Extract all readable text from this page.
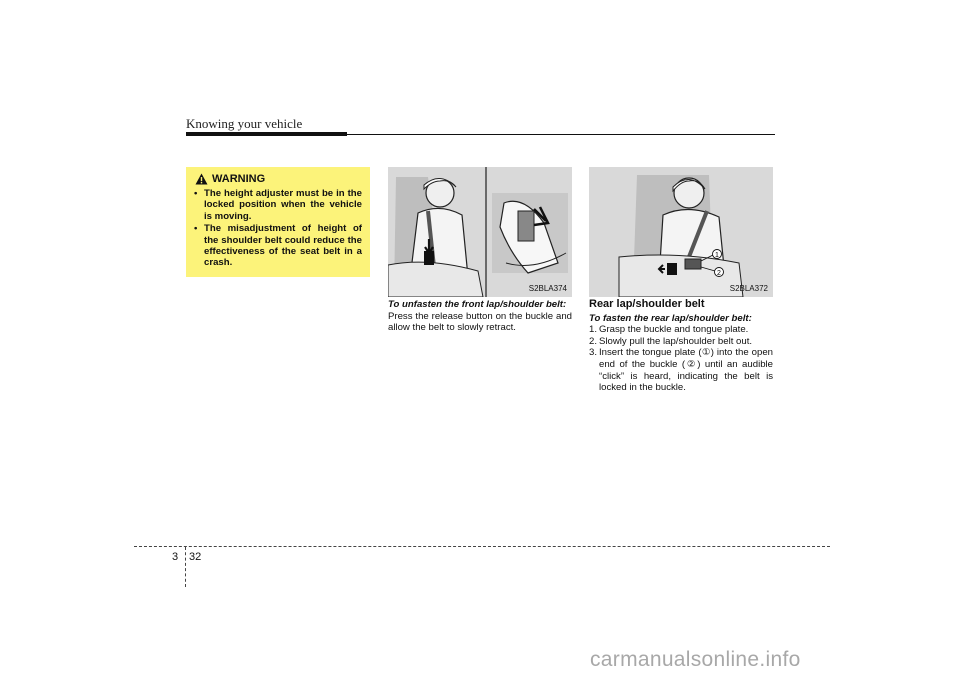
Knowing your vehicle
WARNING
• The height adjuster must be in the locked position when the vehicle is moving.
• The misadjustment of height of the shoulder belt could reduce the effectiveness of the seat belt in a crash.
S2BLA374
1
2
S2BLA372

To unfasten the front lap/shoulder belt:

Press the release button on the buckle and allow the belt to slowly retract.

Rear lap/shoulder belt

To fasten the rear lap/shoulder belt:

1. Grasp the buckle and tongue plate.
2. Slowly pull the lap/shoulder belt out.
3. Insert the tongue plate (①) into the open end of the buckle (②) until an audible “click” is heard, indicating the belt is locked in the buckle.
3 32
carmanualsonline.info
